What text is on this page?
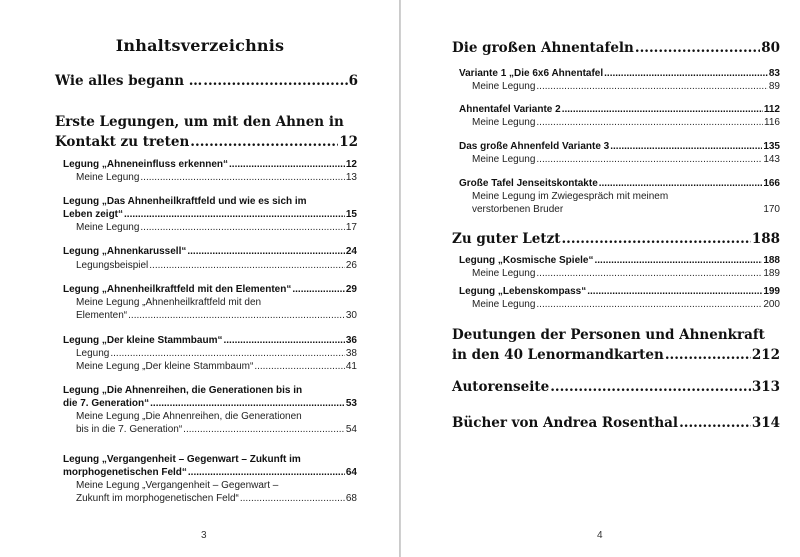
Inhaltsverzeichnis
Wie alles begann … .....	6
Erste Legungen, um mit den Ahnen in
Kontakt zu treten .....	12
Legung „Ahneneinfluss erkennen“ .....	12
Meine Legung .....	13
Legung „Das Ahnenheilkraftfeld und wie es sich im
Leben zeigt“ .....	15
Meine Legung .....	17
Legung „Ahnenkarussell“ .....	24
Legungsbeispiel .....	26
Legung „Ahnenheilkraftfeld mit den Elementen“ .....	29
Meine Legung „Ahnenheilkraftfeld mit den
Elementen“ .....	30
Legung „Der kleine Stammbaum“ .....	36
Legung .....	38
Meine Legung „Der kleine Stammbaum“ .....	41
Legung „Die Ahnenreihen, die Generationen bis in
die 7. Generation“ .....	53
Meine Legung „Die Ahnenreihen, die Generationen
bis in die 7. Generation“ .....	54
Legung „Vergangenheit – Gegenwart – Zukunft im
morphogenetischen Feld“ .....	64
Meine Legung „Vergangenheit – Gegenwart –
Zukunft im morphogenetischen Feld“ .....	68
3
Die großen Ahnentafeln .....	80
Variante 1 „Die 6x6 Ahnentafel .....	83
Meine Legung .....	89
Ahnentafel Variante 2 .....	112
Meine Legung .....	116
Das große Ahnenfeld Variante 3 .....	135
Meine Legung .....	143
Große Tafel Jenseitskontakte .....	166
Meine Legung im Zwiegespräch mit meinem
verstorbenen Bruder	170
Zu guter Letzt .....	188
Legung „Kosmische Spiele“ .....	188
Meine Legung .....	189
Legung „Lebenskompass“ .....	199
Meine Legung .....	200
Deutungen der Personen und Ahnenkraft
in den 40 Lenormandkarten .....	212
Autorenseite .....	313
Bücher von Andrea Rosenthal .....	314
4
